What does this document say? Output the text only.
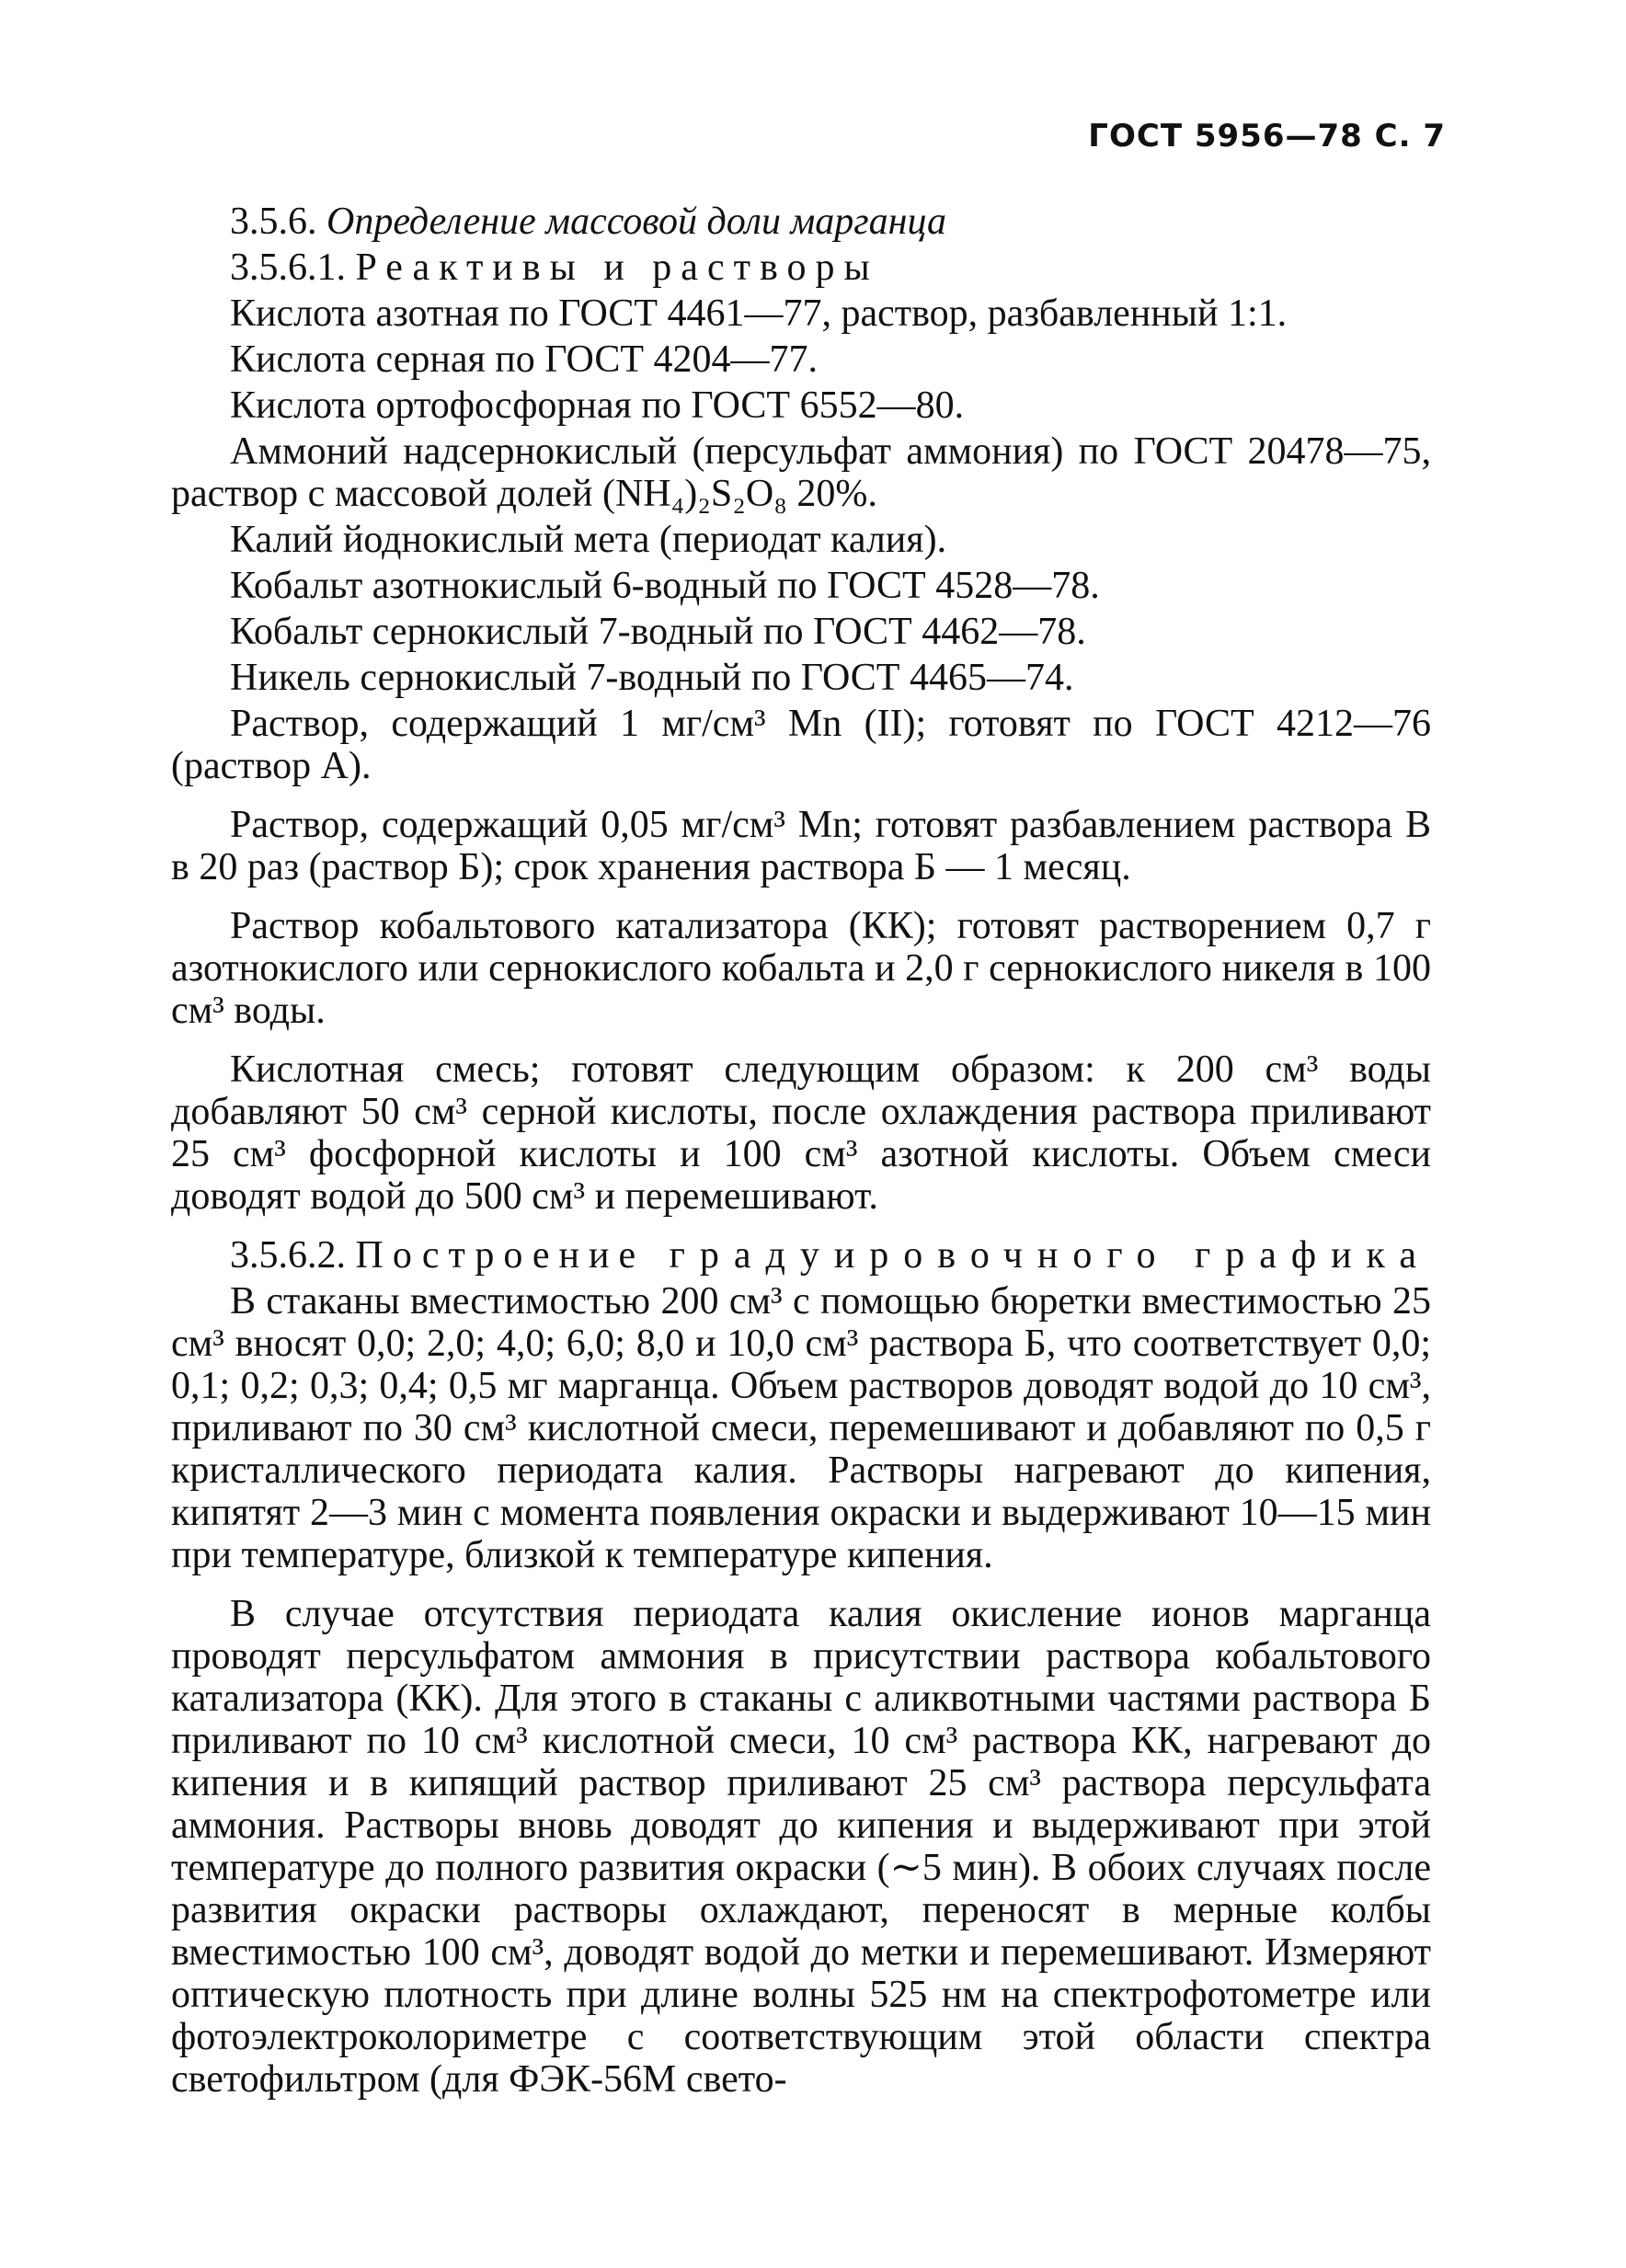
ГОСТ 5956—78 С. 7

3.5.6. Определение массовой доли марганца

3.5.6.1. Реактивы и растворы

Кислота азотная по ГОСТ 4461—77, раствор, разбавленный 1:1.

Кислота серная по ГОСТ 4204—77.

Кислота ортофосфорная по ГОСТ 6552—80.

Аммоний надсернокислый (персульфат аммония) по ГОСТ 20478—75, раствор с массовой долей (NH₄)₂S₂O₈ 20%.

Калий йоднокислый мета (периодат калия).

Кобальт азотнокислый 6-водный по ГОСТ 4528—78.

Кобальт сернокислый 7-водный по ГОСТ 4462—78.

Никель сернокислый 7-водный по ГОСТ 4465—74.

Раствор, содержащий 1 мг/см³ Mn (II); готовят по ГОСТ 4212—76 (раствор А).

Раствор, содержащий 0,05 мг/см³ Mn; готовят разбавлением раствора В в 20 раз (раствор Б); срок хранения раствора Б — 1 месяц.

Раствор кобальтового катализатора (КК); готовят растворением 0,7 г азотнокислого или сернокислого кобальта и 2,0 г сернокислого никеля в 100 см³ воды.

Кислотная смесь; готовят следующим образом: к 200 см³ воды добавляют 50 см³ серной кислоты, после охлаждения раствора приливают 25 см³ фосфорной кислоты и 100 см³ азотной кислоты. Объем смеси доводят водой до 500 см³ и перемешивают.

3.5.6.2. Построение градуировочного графика

В стаканы вместимостью 200 см³ с помощью бюретки вместимостью 25 см³ вносят 0,0; 2,0; 4,0; 6,0; 8,0 и 10,0 см³ раствора Б, что соответствует 0,0; 0,1; 0,2; 0,3; 0,4; 0,5 мг марганца. Объем растворов доводят водой до 10 см³, приливают по 30 см³ кислотной смеси, перемешивают и добавляют по 0,5 г кристаллического периодата калия. Растворы нагревают до кипения, кипятят 2—3 мин с момента появления окраски и выдерживают 10—15 мин при температуре, близкой к температуре кипения.

В случае отсутствия периодата калия окисление ионов марганца проводят персульфатом аммония в присутствии раствора кобальтового катализатора (КК). Для этого в стаканы с аликвотными частями раствора Б приливают по 10 см³ кислотной смеси, 10 см³ раствора КК, нагревают до кипения и в кипящий раствор приливают 25 см³ раствора персульфата аммония. Растворы вновь доводят до кипения и выдерживают при этой температуре до полного развития окраски (∼5 мин). В обоих случаях после развития окраски растворы охлаждают, переносят в мерные колбы вместимостью 100 см³, доводят водой до метки и перемешивают. Измеряют оптическую плотность при длине волны 525 нм на спектрофотометре или фотоэлектроколориметре с соответствующим этой области спектра светофильтром (для ФЭК-56М свето-
